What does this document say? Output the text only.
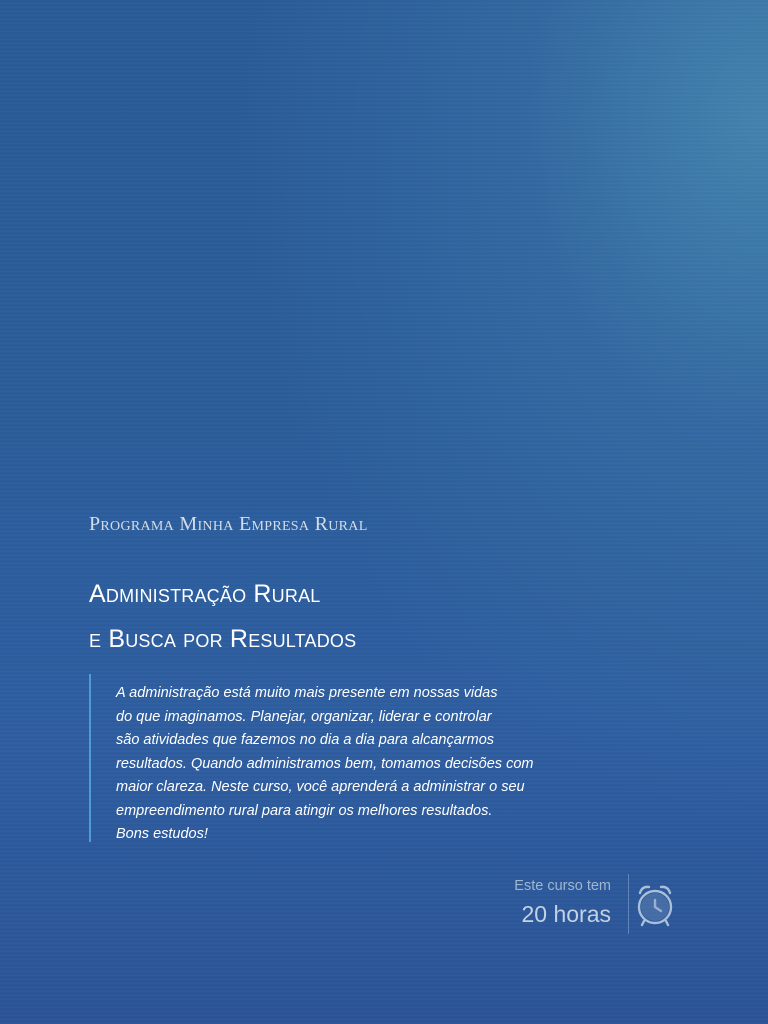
Programa Minha Empresa Rural
Administração Rural
e Busca por Resultados

A administração está muito mais presente em nossas vidas
do que imaginamos. Planejar, organizar, liderar e controlar
são atividades que fazemos no dia a dia para alcançarmos
resultados. Quando administramos bem, tomamos decisões com
maior clareza. Neste curso, você aprenderá a administrar o seu
empreendimento rural para atingir os melhores resultados.
Bons estudos!

Este curso tem
20 horas
